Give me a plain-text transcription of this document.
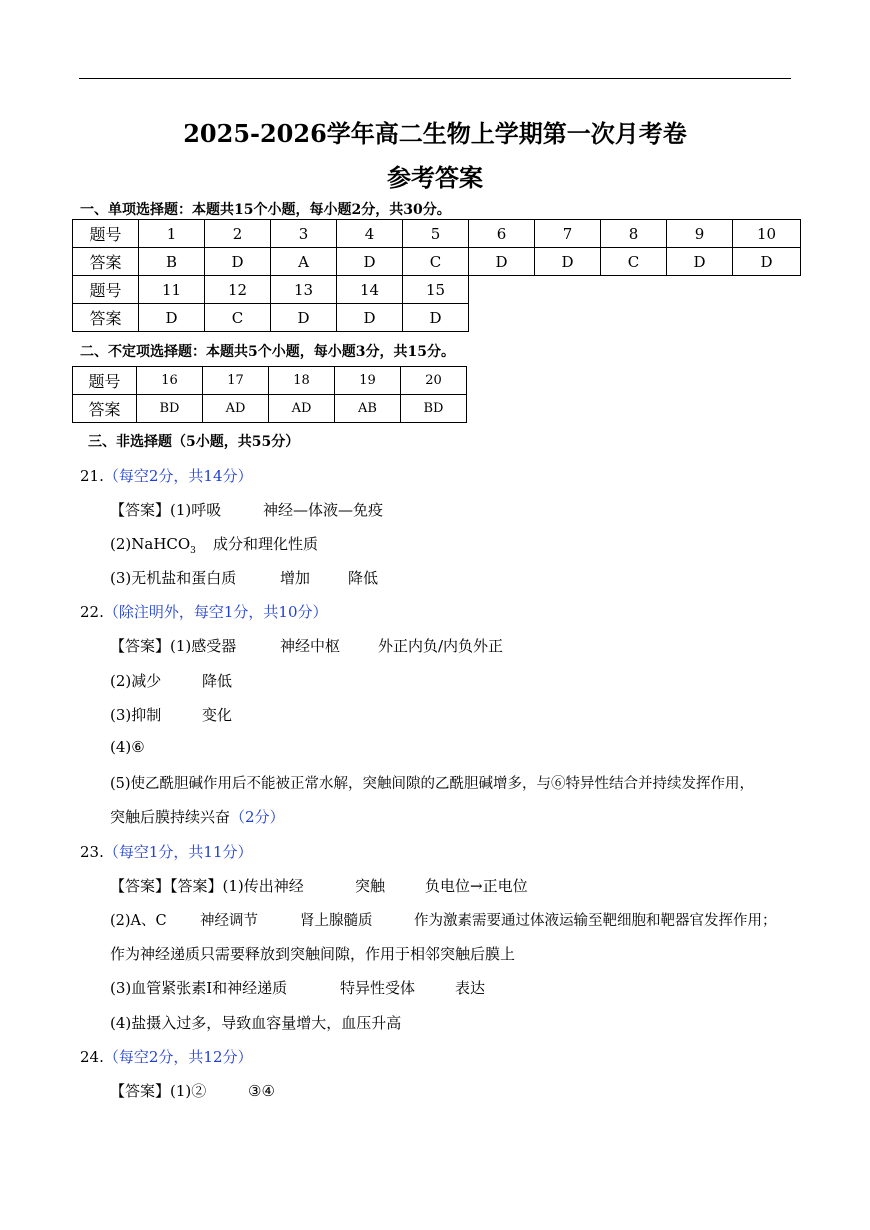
2025-2026学年高二生物上学期第一次月考卷
参考答案
一、单项选择题：本题共15个小题，每小题2分，共30分。
题号	1	2	3	4	5	6	7	8	9	10
答案	B	D	A	D	C	D	D	C	D	D
题号	11	12	13	14	15
答案	D	C	D	D	D
二、不定项选择题：本题共5个小题，每小题3分，共15分。
题号	16	17	18	19	20
答案	BD	AD	AD	AB	BD
三、非选择题（5小题，共55分）
21.（每空2分，共14分）
【答案】(1)呼吸	神经—体液—免疫
(2)NaHCO$_3$ 成分和理化性质
(3)无机盐和蛋白质	增加	降低
22.（除注明外，每空1分，共10分）
【答案】(1)感受器	神经中枢	外正内负/内负外正
(2)减少	降低
(3)抑制	变化
(4)⑥
(5)使乙酰胆碱作用后不能被正常水解，突触间隙的乙酰胆碱增多，与⑥特异性结合并持续发挥作用，
突触后膜持续兴奋（2分）
23.（每空1分，共11分）
【答案】【答案】(1)传出神经	突触	负电位→正电位
(2)A、C 神经调节	肾上腺髓质	作为激素需要通过体液运输至靶细胞和靶器官发挥作用；
作为神经递质只需要释放到突触间隙，作用于相邻突触后膜上
(3)血管紧张素Ⅰ和神经递质	特异性受体	表达
(4)盐摄入过多，导致血容量增大，血压升高
24.（每空2分，共12分）
【答案】(1)②	③④
